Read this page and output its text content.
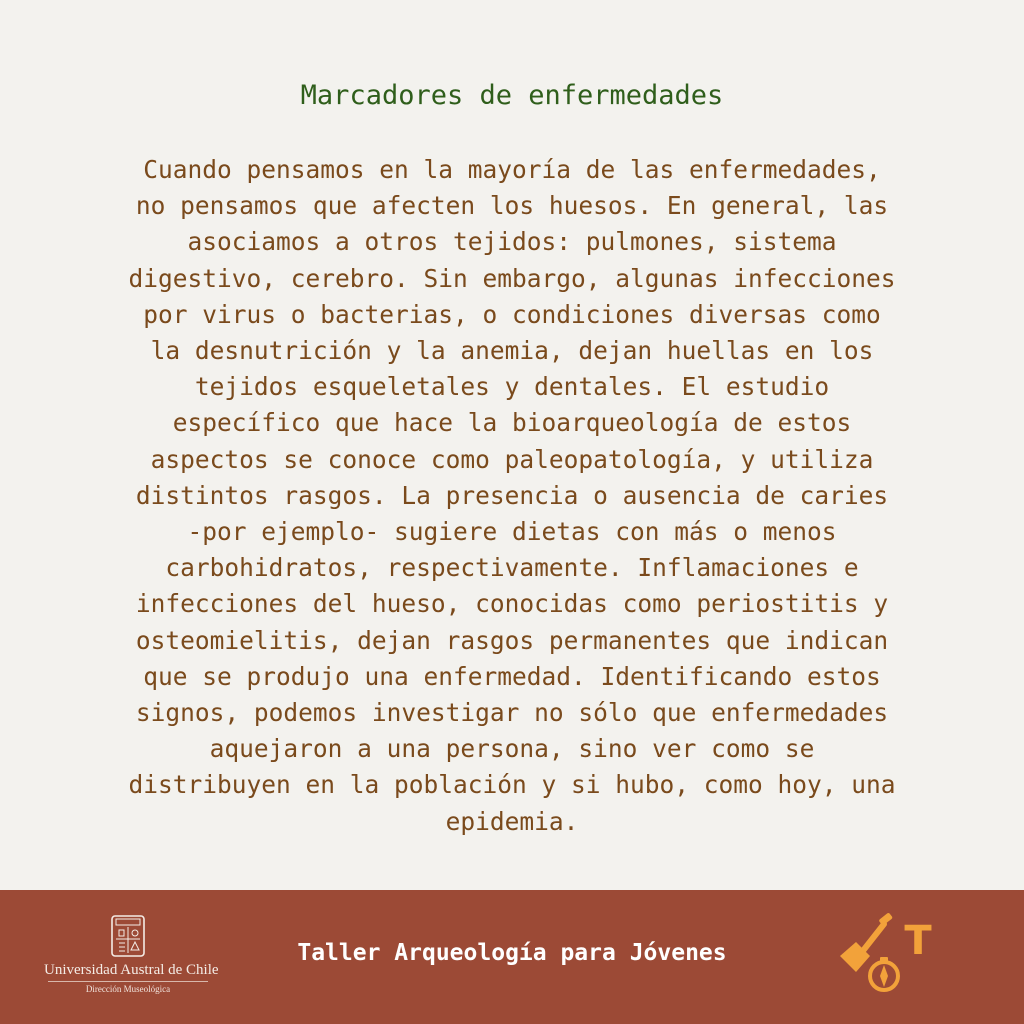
Marcadores de enfermedades

Cuando pensamos en la mayoría de las enfermedades,
no pensamos que afecten los huesos. En general, las
asociamos a otros tejidos: pulmones, sistema
digestivo, cerebro. Sin embargo, algunas infecciones
por virus o bacterias, o condiciones diversas como
la desnutrición y la anemia, dejan huellas en los
tejidos esqueletales y dentales. El estudio
específico que hace la bioarqueología de estos
aspectos se conoce como paleopatología, y utiliza
distintos rasgos. La presencia o ausencia de caries
-por ejemplo- sugiere dietas con más o menos
carbohidratos, respectivamente. Inflamaciones e
infecciones del hueso, conocidas como periostitis y
osteomielitis, dejan rasgos permanentes que indican
que se produjo una enfermedad. Identificando estos
signos, podemos investigar no sólo que enfermedades
aquejaron a una persona, sino ver como se
distribuyen en la población y si hubo, como hoy, una
epidemia.

Universidad Austral de Chile
Dirección Museológica
Taller Arqueología para Jóvenes	T
